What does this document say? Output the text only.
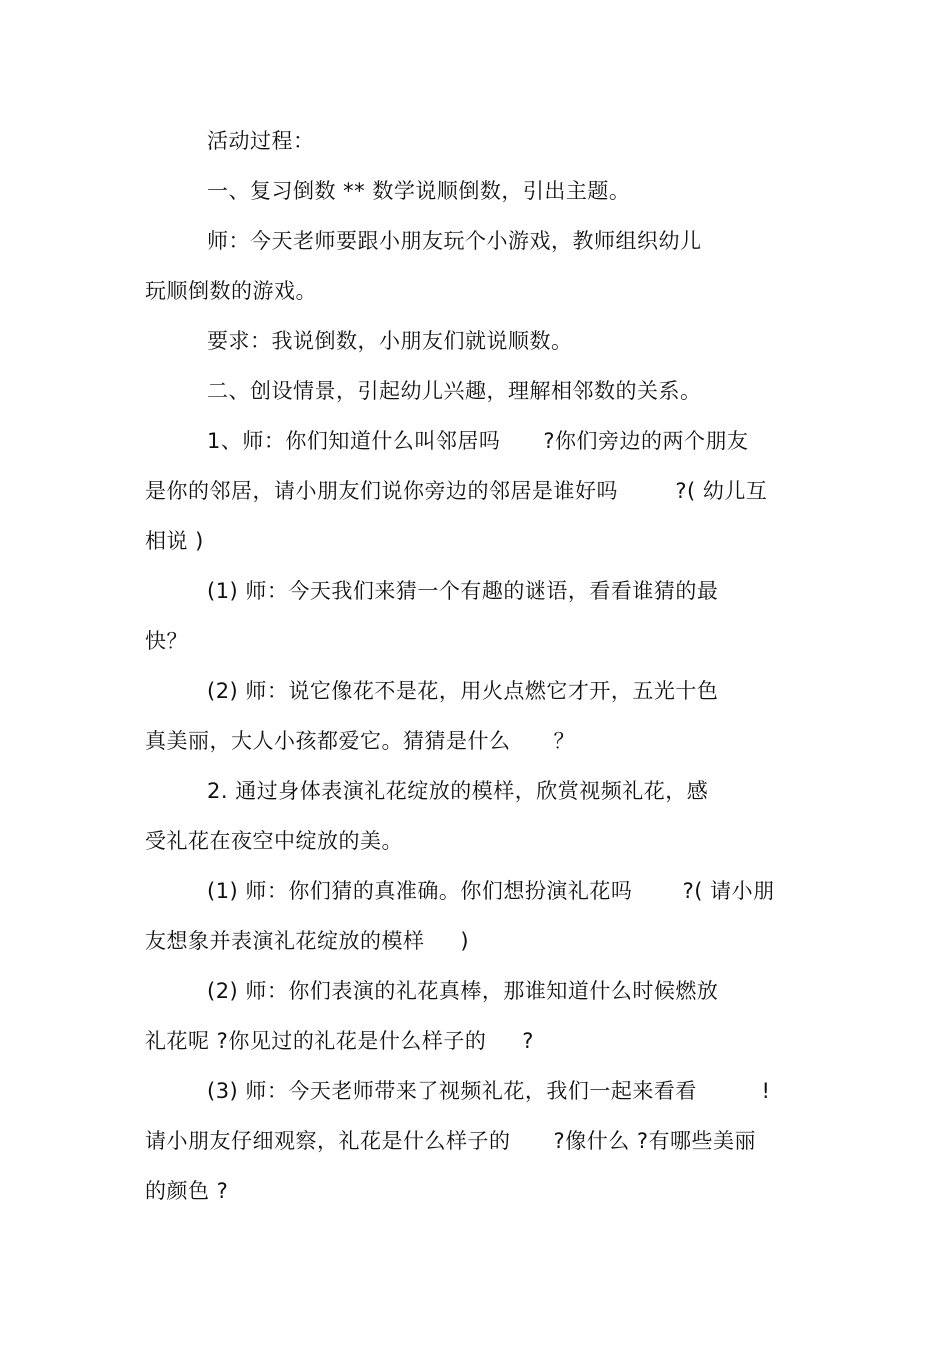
活动过程：
一、复习倒数 ** 数学说顺倒数，引出主题。
师：今天老师要跟小朋友玩个小游戏，教师组织幼儿
玩顺倒数的游戏。
要求：我说倒数，小朋友们就说顺数。
二、创设情景，引起幼儿兴趣，理解相邻数的关系。
1、师：你们知道什么叫邻居吗      ?你们旁边的两个朋友
是你的邻居，请小朋友们说你旁边的邻居是谁好吗        ?( 幼儿互
相说 )
(1) 师：今天我们来猜一个有趣的谜语，看看谁猜的最
快？
(2) 师：说它像花不是花，用火点燃它才开，五光十色
真美丽，大人小孩都爱它。猜猜是什么      ？
2. 通过身体表演礼花绽放的模样，欣赏视频礼花，感
受礼花在夜空中绽放的美。
(1) 师：你们猜的真准确。你们想扮演礼花吗       ?( 请小朋
友想象并表演礼花绽放的模样     )
(2) 师：你们表演的礼花真棒，那谁知道什么时候燃放
礼花呢 ?你见过的礼花是什么样子的     ?
(3) 师：今天老师带来了视频礼花，我们一起来看看         !
请小朋友仔细观察，礼花是什么样子的      ?像什么 ?有哪些美丽
的颜色 ?
